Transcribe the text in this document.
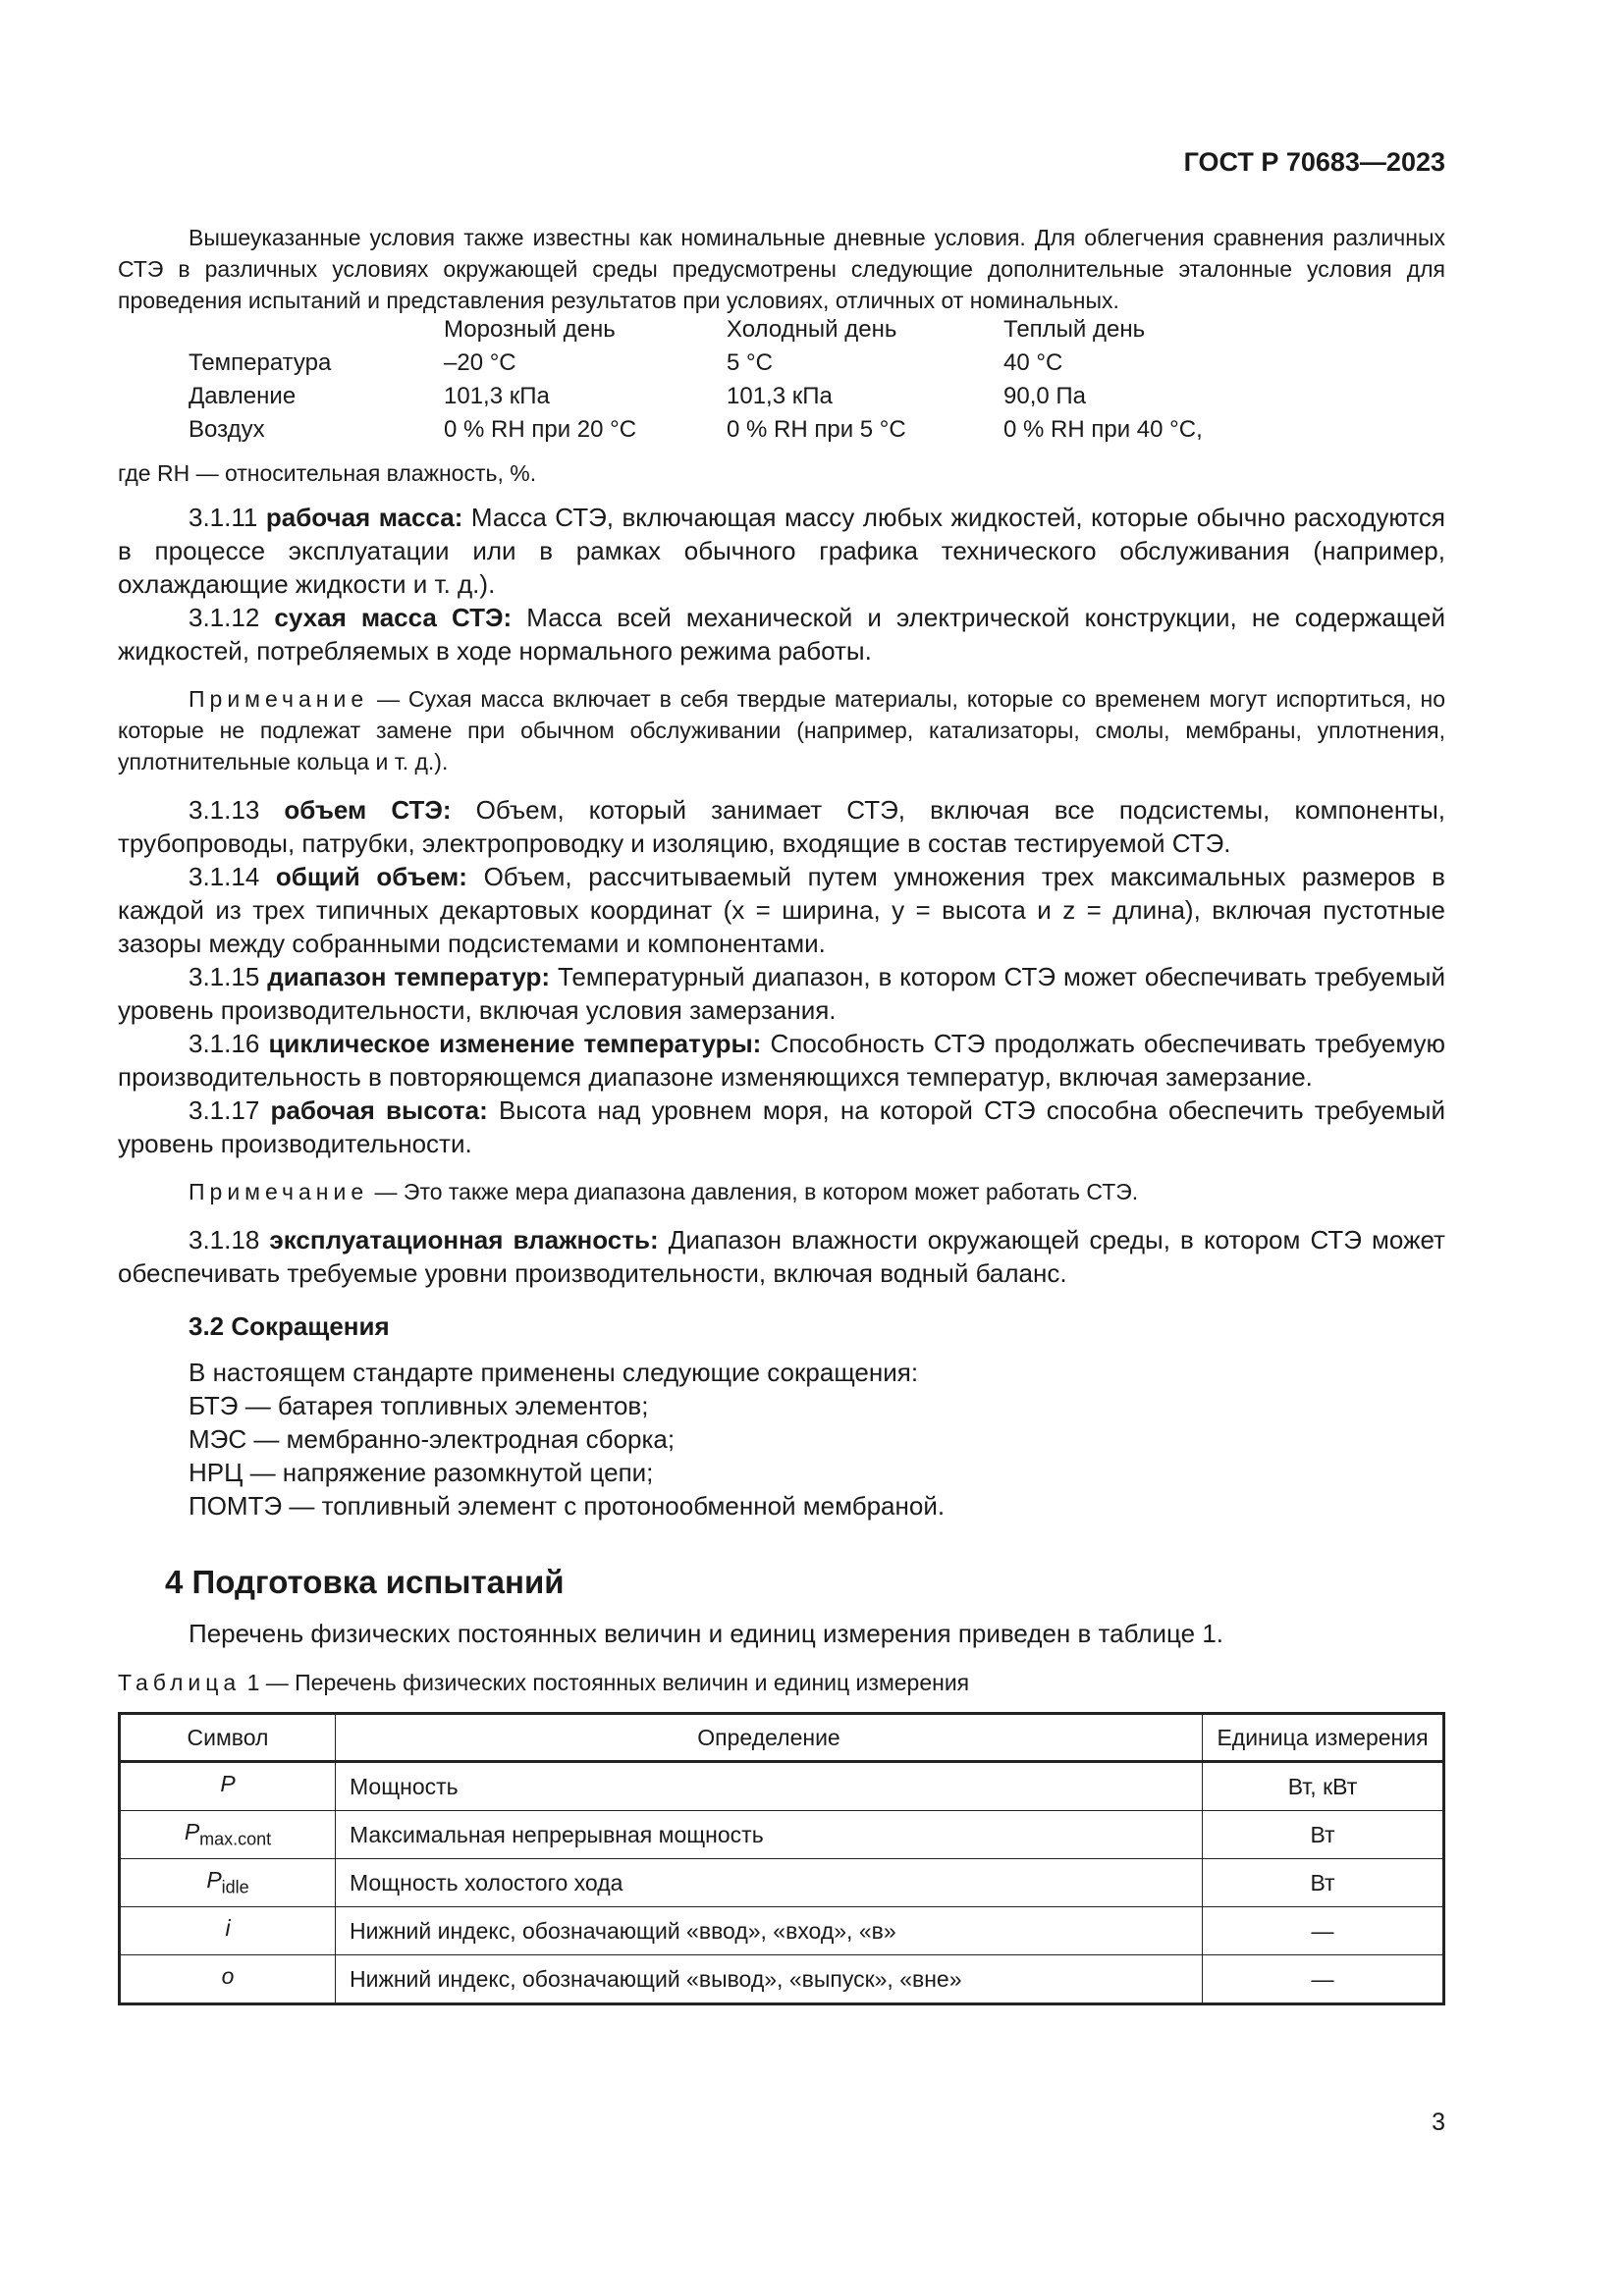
ГОСТ Р 70683—2023

Вышеуказанные условия также известны как номинальные дневные условия. Для облегчения сравнения различных СТЭ в различных условиях окружающей среды предусмотрены следующие дополнительные эталонные условия для проведения испытаний и представления результатов при условиях, отличных от номинальных.

	Морозный день	Холодный день	Теплый день
Температура	–20 °С	5 °С	40 °С
Давление	101,3 кПа	101,3 кПа	90,0 Па
Воздух	0 % RH при 20 °С	0 % RH при 5 °С	0 % RH при 40 °С,

где RH — относительная влажность, %.

3.1.11 рабочая масса: Масса СТЭ, включающая массу любых жидкостей, которые обычно расходуются в процессе эксплуатации или в рамках обычного графика технического обслуживания (например, охлаждающие жидкости и т. д.).

3.1.12 сухая масса СТЭ: Масса всей механической и электрической конструкции, не содержащей жидкостей, потребляемых в ходе нормального режима работы.

Примечание — Сухая масса включает в себя твердые материалы, которые со временем могут испортиться, но которые не подлежат замене при обычном обслуживании (например, катализаторы, смолы, мембраны, уплотнения, уплотнительные кольца и т. д.).

3.1.13 объем СТЭ: Объем, который занимает СТЭ, включая все подсистемы, компоненты, трубопроводы, патрубки, электропроводку и изоляцию, входящие в состав тестируемой СТЭ.

3.1.14 общий объем: Объем, рассчитываемый путем умножения трех максимальных размеров в каждой из трех типичных декартовых координат (x = ширина, y = высота и z = длина), включая пустотные зазоры между собранными подсистемами и компонентами.

3.1.15 диапазон температур: Температурный диапазон, в котором СТЭ может обеспечивать требуемый уровень производительности, включая условия замерзания.

3.1.16 циклическое изменение температуры: Способность СТЭ продолжать обеспечивать требуемую производительность в повторяющемся диапазоне изменяющихся температур, включая замерзание.

3.1.17 рабочая высота: Высота над уровнем моря, на которой СТЭ способна обеспечить требуемый уровень производительности.

Примечание — Это также мера диапазона давления, в котором может работать СТЭ.

3.1.18 эксплуатационная влажность: Диапазон влажности окружающей среды, в котором СТЭ может обеспечивать требуемые уровни производительности, включая водный баланс.

3.2 Сокращения
В настоящем стандарте применены следующие сокращения:
БТЭ — батарея топливных элементов;
МЭС — мембранно-электродная сборка;
НРЦ — напряжение разомкнутой цепи;
ПОМТЭ — топливный элемент с протонообменной мембраной.
4 Подготовка испытаний

Перечень физических постоянных величин и единиц измерения приведен в таблице 1.

Таблица 1 — Перечень физических постоянных величин и единиц измерения
Символ	Определение	Единица измерения
P	Мощность	Вт, кВт
$P_{max.cont}$	Максимальная непрерывная мощность	Вт
$P_{idle}$	Мощность холостого хода	Вт
i	Нижний индекс, обозначающий «ввод», «вход», «в»	—
o	Нижний индекс, обозначающий «вывод», «выпуск», «вне»	—
3
